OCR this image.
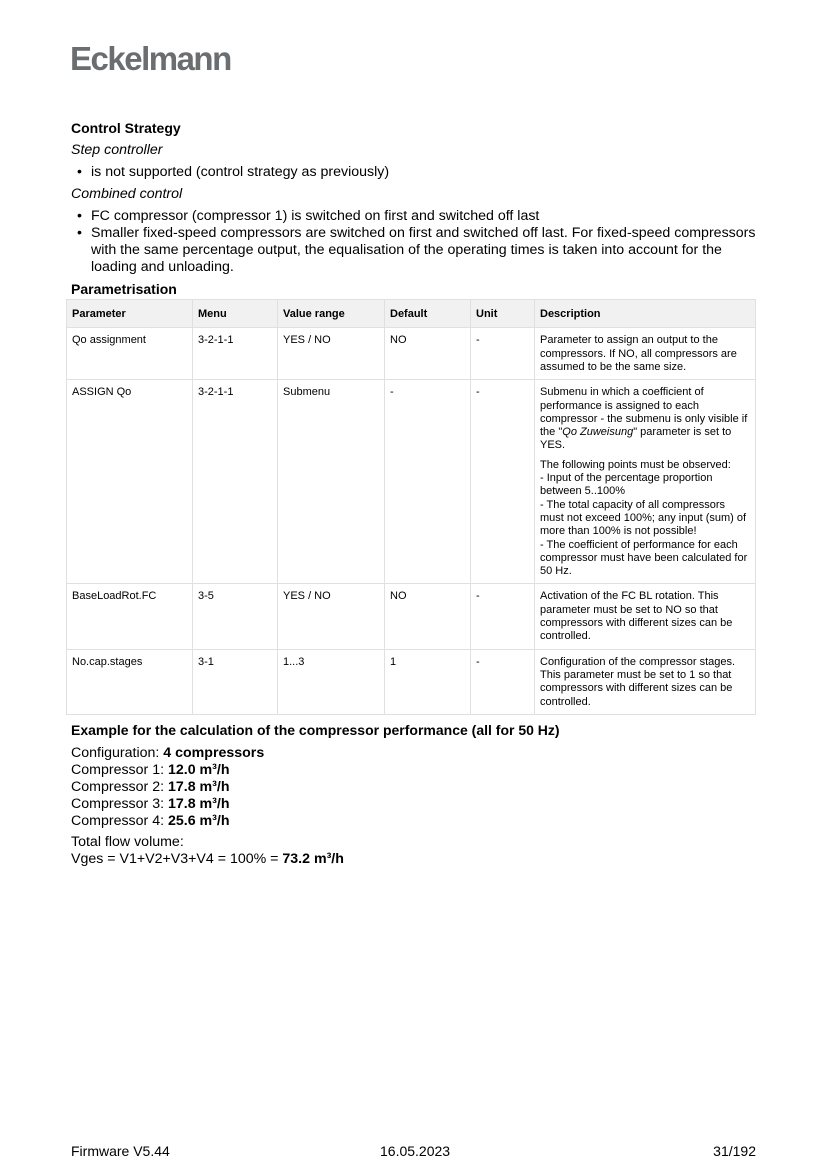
Eckelmann
Control Strategy
Step controller
• is not supported (control strategy as previously)
Combined control
• FC compressor (compressor 1) is switched on first and switched off last
• Smaller fixed-speed compressors are switched on first and switched off last. For fixed-speed compressors with the same percentage output, the equalisation of the operating times is taken into account for the loading and unloading.
Parametrisation
Parameter	Menu	Value range	Default	Unit	Description
Qo assignment	3-2-1-1	YES / NO	NO	-	Parameter to assign an output to the compressors. If NO, all compressors are assumed to be the same size.
ASSIGN Qo	3-2-1-1	Submenu	-	-	Submenu in which a coefficient of performance is assigned to each compressor - the submenu is only visible if the "Qo Zuweisung" parameter is set to YES.

The following points must be observed:
- Input of the percentage proportion between 5..100%
- The total capacity of all compressors must not exceed 100%; any input (sum) of more than 100% is not possible!
- The coefficient of performance for each compressor must have been calculated for 50 Hz.

BaseLoadRot.FC	3-5	YES / NO	NO	-	Activation of the FC BL rotation. This parameter must be set to NO so that compressors with different sizes can be controlled.
No.cap.stages	3-1	1...3	1	-	Configuration of the compressor stages. This parameter must be set to 1 so that compressors with different sizes can be controlled.
Example for the calculation of the compressor performance (all for 50 Hz)
Configuration: 4 compressors
Compressor 1: 12.0 m³/h
Compressor 2: 17.8 m³/h
Compressor 3: 17.8 m³/h
Compressor 4: 25.6 m³/h
Total flow volume:
Vges = V1+V2+V3+V4 = 100% = 73.2 m³/h
Firmware V5.44	16.05.2023	31/192
